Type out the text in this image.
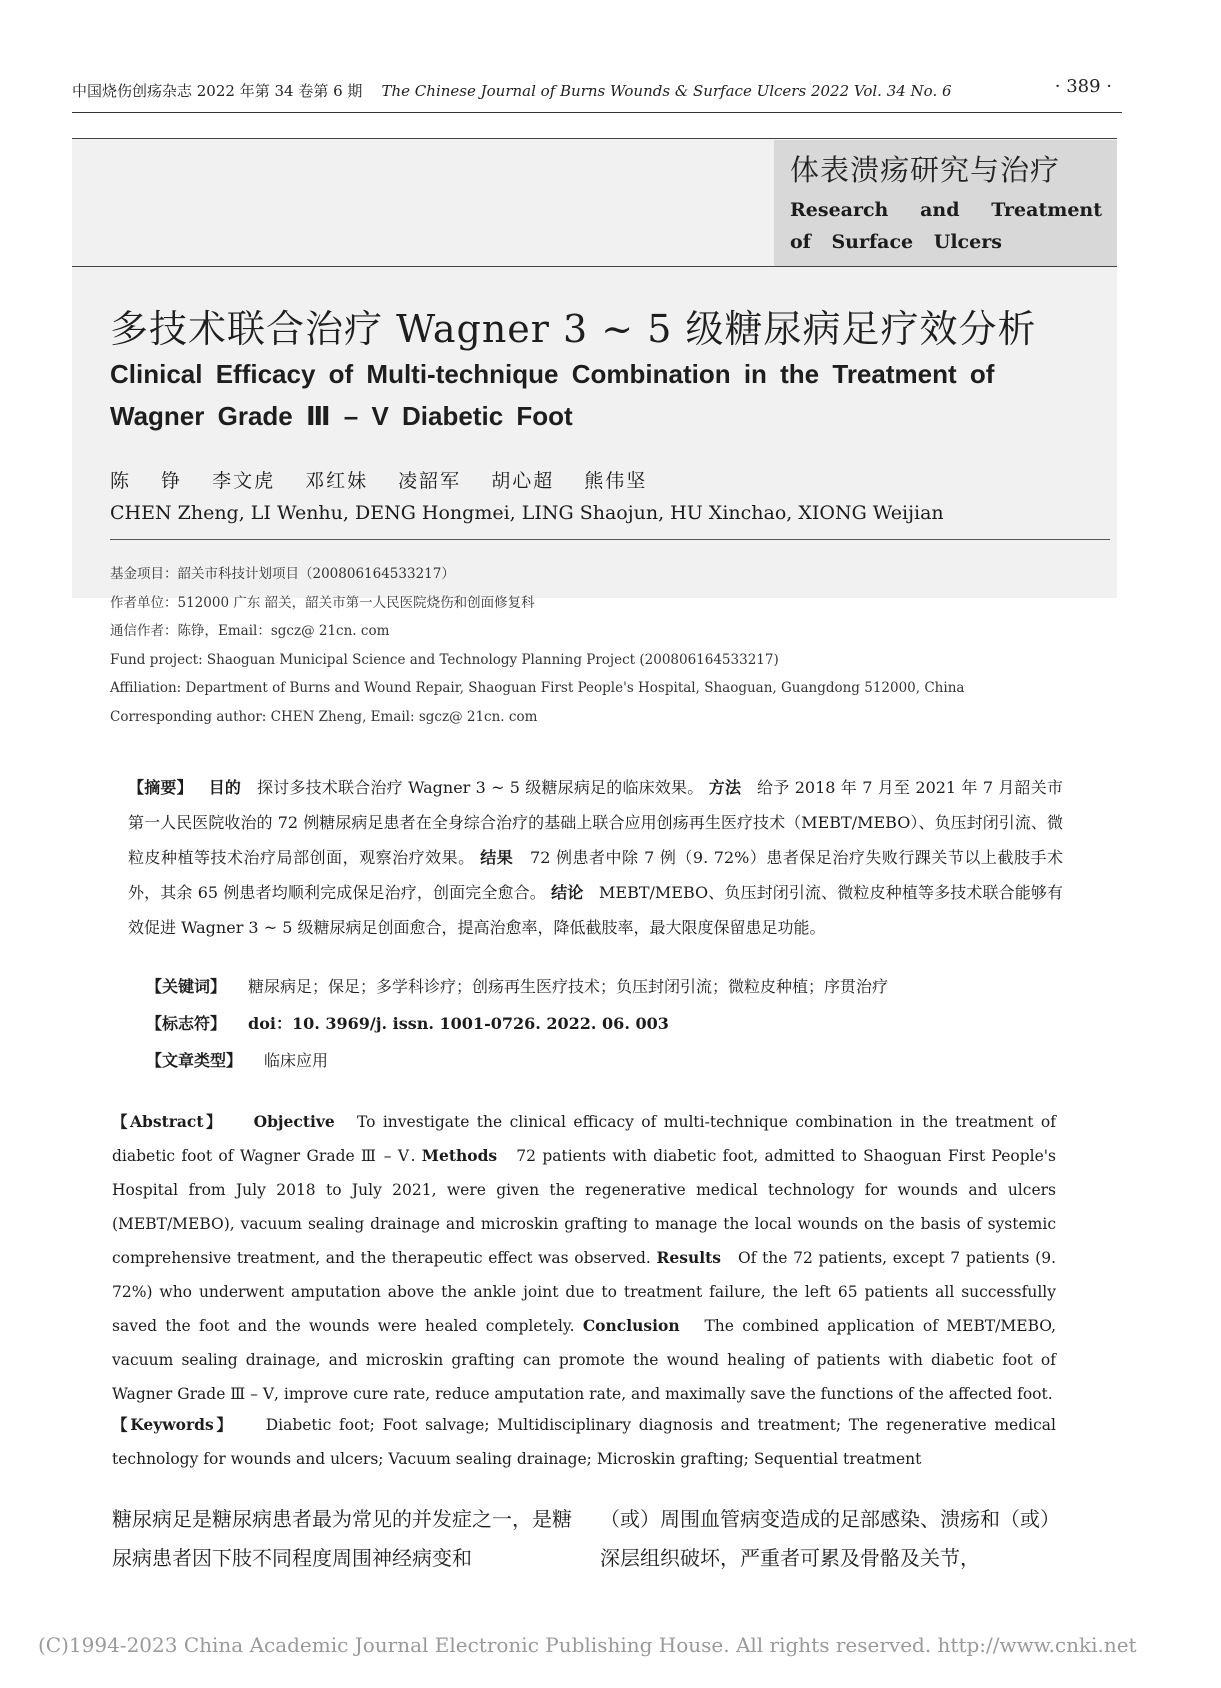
中国烧伤创疡杂志 2022 年第 34 卷第 6 期 The Chinese Journal of Burns Wounds & Surface Ulcers 2022 Vol. 34 No. 6	· 389 ·
体表溃疡研究与治疗
Research and Treatment of Surface Ulcers
多技术联合治疗 Wagner 3 ~ 5 级糖尿病足疗效分析
Clinical Efficacy of Multi-technique Combination in the Treatment of
Wagner Grade Ⅲ – V Diabetic Foot
陈 铮 李文虎 邓红妹 凌韶军 胡心超 熊伟坚
CHEN Zheng, LI Wenhu, DENG Hongmei, LING Shaojun, HU Xinchao, XIONG Weijian
基金项目：韶关市科技计划项目（200806164533217）
作者单位：512000 广东 韶关，韶关市第一人民医院烧伤和创面修复科
通信作者：陈铮，Email：sgcz@ 21cn. com
Fund project: Shaoguan Municipal Science and Technology Planning Project (200806164533217)
Affiliation: Department of Burns and Wound Repair, Shaoguan First People's Hospital, Shaoguan, Guangdong 512000, China
Corresponding author: CHEN Zheng, Email: sgcz@ 21cn. com
【摘要】 目的 探讨多技术联合治疗 Wagner 3 ~ 5 级糖尿病足的临床效果。 方法 给予 2018 年 7 月至 2021 年 7 月韶关市第一人民医院收治的 72 例糖尿病足患者在全身综合治疗的基础上联合应用创疡再生医疗技术（MEBT/MEBO）、负压封闭引流、微粒皮种植等技术治疗局部创面，观察治疗效果。 结果 72 例患者中除 7 例（9. 72%）患者保足治疗失败行踝关节以上截肢手术外，其余 65 例患者均顺利完成保足治疗，创面完全愈合。 结论 MEBT/MEBO、负压封闭引流、微粒皮种植等多技术联合能够有效促进 Wagner 3 ~ 5 级糖尿病足创面愈合，提高治愈率，降低截肢率，最大限度保留患足功能。
【关键词】 糖尿病足；保足；多学科诊疗；创疡再生医疗技术；负压封闭引流；微粒皮种植；序贯治疗
【标志符】 doi：10. 3969/j. issn. 1001-0726. 2022. 06. 003
【文章类型】 临床应用
【Abstract】 Objective To investigate the clinical efficacy of multi-technique combination in the treatment of diabetic foot of Wagner Grade Ⅲ – Ⅴ. Methods 72 patients with diabetic foot, admitted to Shaoguan First People's Hospital from July 2018 to July 2021, were given the regenerative medical technology for wounds and ulcers (MEBT/MEBO), vacuum sealing drainage and microskin grafting to manage the local wounds on the basis of systemic comprehensive treatment, and the therapeutic effect was observed. Results Of the 72 patients, except 7 patients (9. 72%) who underwent amputation above the ankle joint due to treatment failure, the left 65 patients all successfully saved the foot and the wounds were healed completely. Conclusion The combined application of MEBT/MEBO, vacuum sealing drainage, and microskin grafting can promote the wound healing of patients with diabetic foot of Wagner Grade Ⅲ – Ⅴ, improve cure rate, reduce amputation rate, and maximally save the functions of the affected foot.
【Keywords】 Diabetic foot; Foot salvage; Multidisciplinary diagnosis and treatment; The regenerative medical technology for wounds and ulcers; Vacuum sealing drainage; Microskin grafting; Sequential treatment
糖尿病足是糖尿病患者最为常见的并发症之一，是糖尿病患者因下肢不同程度周围神经病变和
（或）周围血管病变造成的足部感染、溃疡和（或）深层组织破坏，严重者可累及骨骼及关节，
(C)1994-2023 China Academic Journal Electronic Publishing House. All rights reserved. http://www.cnki.net
